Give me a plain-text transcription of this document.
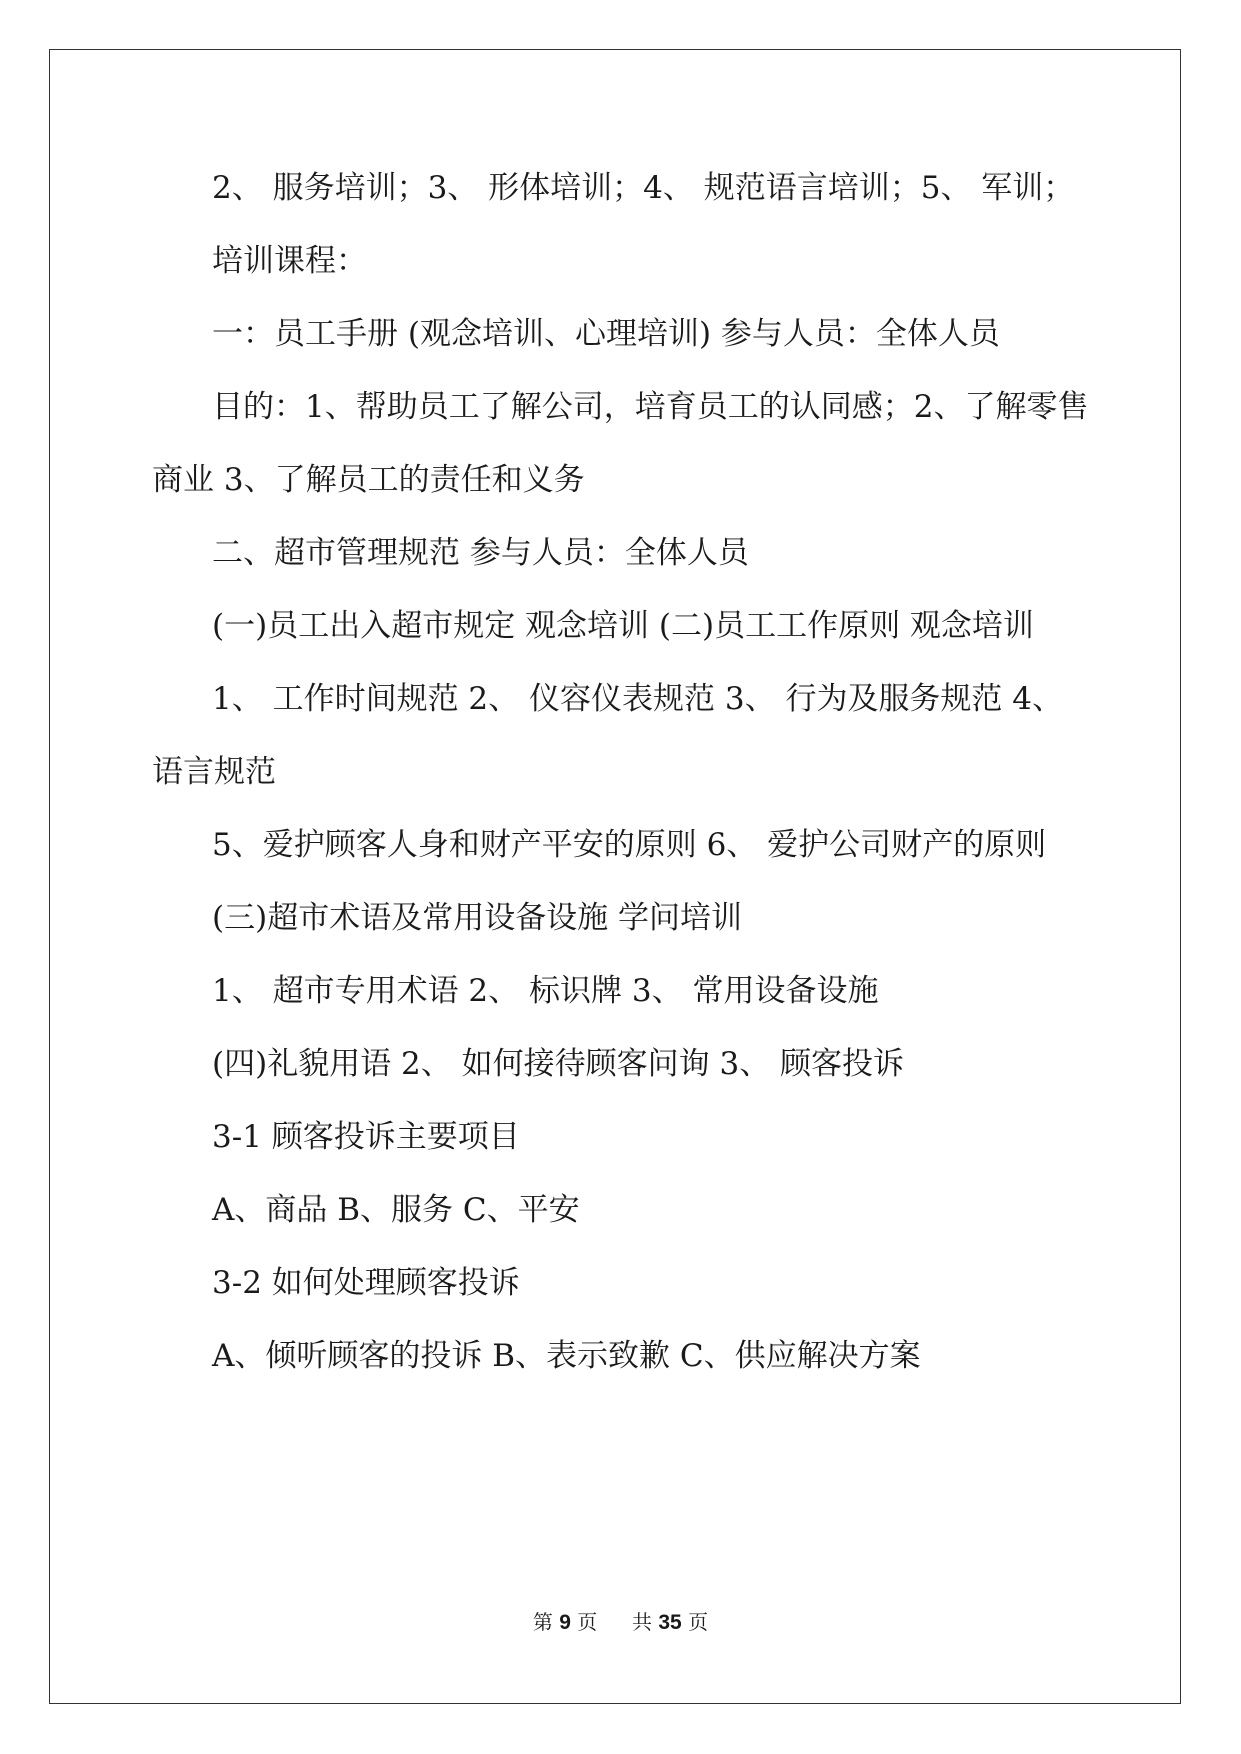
2、 服务培训；3、 形体培训；4、 规范语言培训；5、 军训；

培训课程：

一：员工手册 (观念培训、心理培训) 参与人员：全体人员

目的：1、帮助员工了解公司，培育员工的认同感；2、了解零售

商业 3、了解员工的责任和义务

二、超市管理规范 参与人员：全体人员

(一)员工出入超市规定 观念培训 (二)员工工作原则 观念培训

1、 工作时间规范 2、 仪容仪表规范 3、 行为及服务规范 4、

语言规范

5、爱护顾客人身和财产平安的原则 6、 爱护公司财产的原则

(三)超市术语及常用设备设施 学问培训

1、 超市专用术语 2、 标识牌 3、 常用设备设施

(四)礼貌用语 2、 如何接待顾客问询 3、 顾客投诉

3-1 顾客投诉主要项目

A、商品 B、服务 C、平安

3-2 如何处理顾客投诉

A、倾听顾客的投诉 B、表示致歉 C、供应解决方案

第 9 页 共 35 页
